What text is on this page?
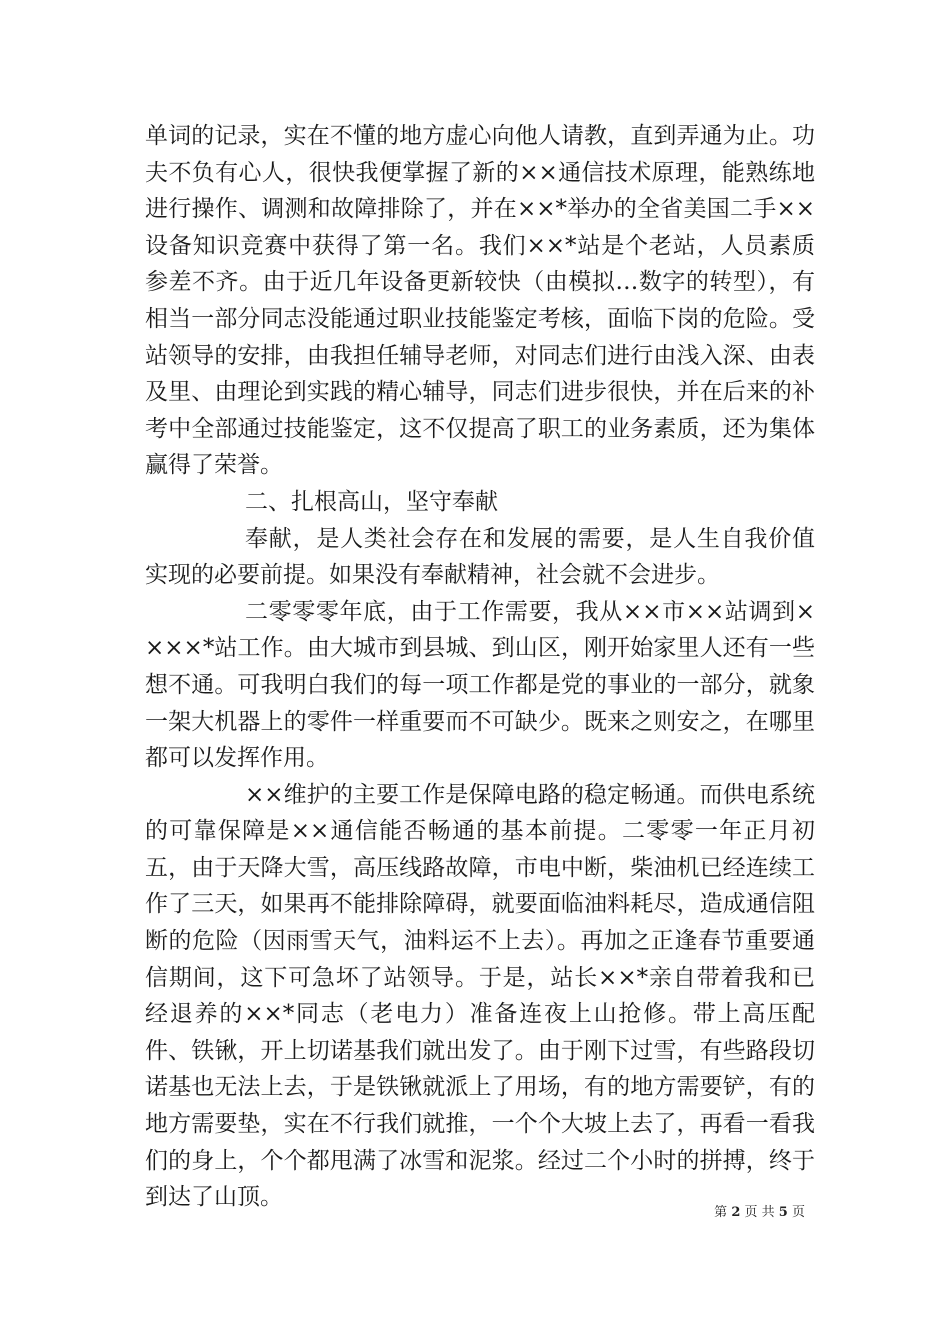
单词的记录，实在不懂的地方虚心向他人请教，直到弄通为止。功夫不负有心人，很快我便掌握了新的××通信技术原理，能熟练地进行操作、调测和故障排除了，并在××*举办的全省美国二手××设备知识竞赛中获得了第一名。我们××*站是个老站，人员素质参差不齐。由于近几年设备更新较快（由模拟…数字的转型），有相当一部分同志没能通过职业技能鉴定考核，面临下岗的危险。受站领导的安排，由我担任辅导老师，对同志们进行由浅入深、由表及里、由理论到实践的精心辅导，同志们进步很快，并在后来的补考中全部通过技能鉴定，这不仅提高了职工的业务素质，还为集体赢得了荣誉。

二、扎根高山，坚守奉献

奉献，是人类社会存在和发展的需要，是人生自我价值实现的必要前提。如果没有奉献精神，社会就不会进步。

二零零零年底，由于工作需要，我从××市××站调到××××*站工作。由大城市到县城、到山区，刚开始家里人还有一些想不通。可我明白我们的每一项工作都是党的事业的一部分，就象一架大机器上的零件一样重要而不可缺少。既来之则安之，在哪里都可以发挥作用。

××维护的主要工作是保障电路的稳定畅通。而供电系统的可靠保障是××通信能否畅通的基本前提。二零零一年正月初五，由于天降大雪，高压线路故障，市电中断，柴油机已经连续工作了三天，如果再不能排除障碍，就要面临油料耗尽，造成通信阻断的危险（因雨雪天气，油料运不上去）。再加之正逢春节重要通信期间，这下可急坏了站领导。于是，站长××*亲自带着我和已经退养的××*同志（老电力）准备连夜上山抢修。带上高压配件、铁锹，开上切诺基我们就出发了。由于刚下过雪，有些路段切诺基也无法上去，于是铁锹就派上了用场，有的地方需要铲，有的地方需要垫，实在不行我们就推，一个个大坡上去了，再看一看我们的身上，个个都甩满了冰雪和泥浆。经过二个小时的拼搏，终于到达了山顶。

第 2 页 共 5 页
